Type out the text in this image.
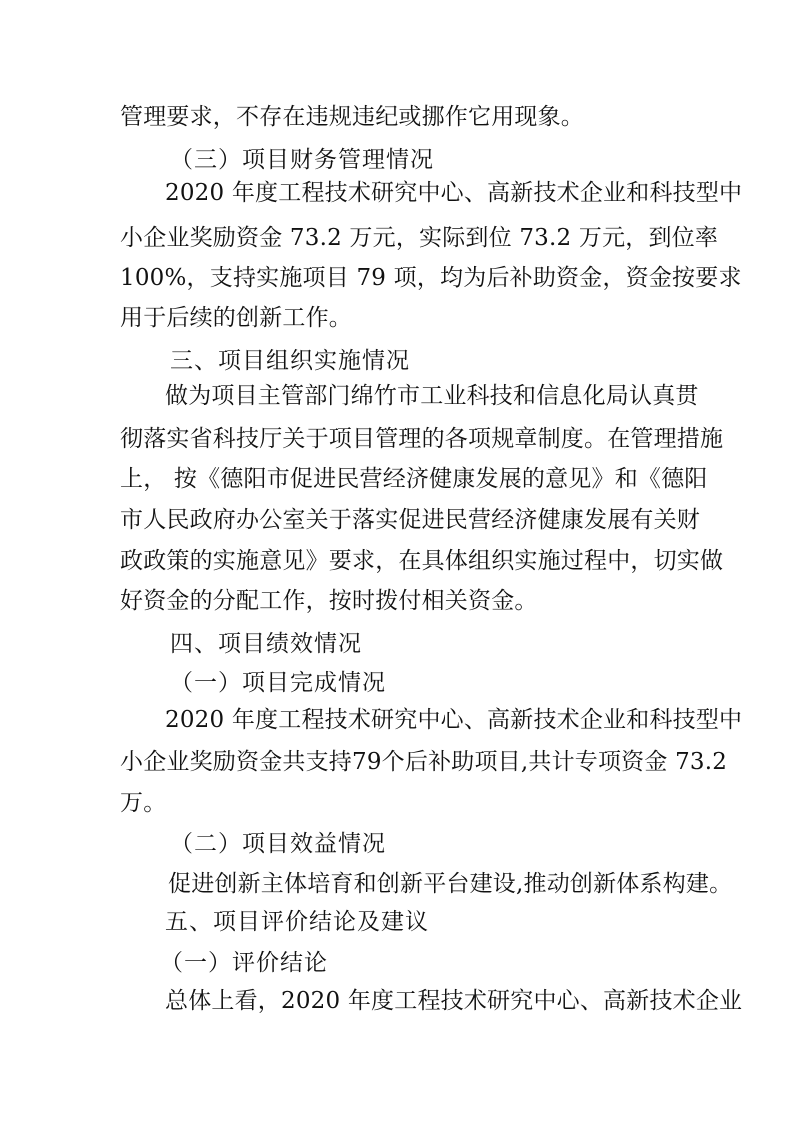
管理要求，不存在违规违纪或挪作它用现象。

（三）项目财务管理情况

2020 年度工程技术研究中心、高新技术企业和科技型中

小企业奖励资金 73.2 万元，实际到位 73.2 万元，到位率

100%，支持实施项目 79 项，均为后补助资金，资金按要求

用于后续的创新工作。

三、项目组织实施情况

做为项目主管部门绵竹市工业科技和信息化局认真贯

彻落实省科技厅关于项目管理的各项规章制度。在管理措施

上， 按《德阳市促进民营经济健康发展的意见》和《德阳

市人民政府办公室关于落实促进民营经济健康发展有关财

政政策的实施意见》要求，在具体组织实施过程中，切实做

好资金的分配工作，按时拨付相关资金。

四、项目绩效情况

（一）项目完成情况

2020 年度工程技术研究中心、高新技术企业和科技型中

小企业奖励资金共支持79个后补助项目,共计专项资金 73.2

万。

（二）项目效益情况

促进创新主体培育和创新平台建设,推动创新体系构建。

五、项目评价结论及建议

（一）评价结论

总体上看，2020 年度工程技术研究中心、高新技术企业
